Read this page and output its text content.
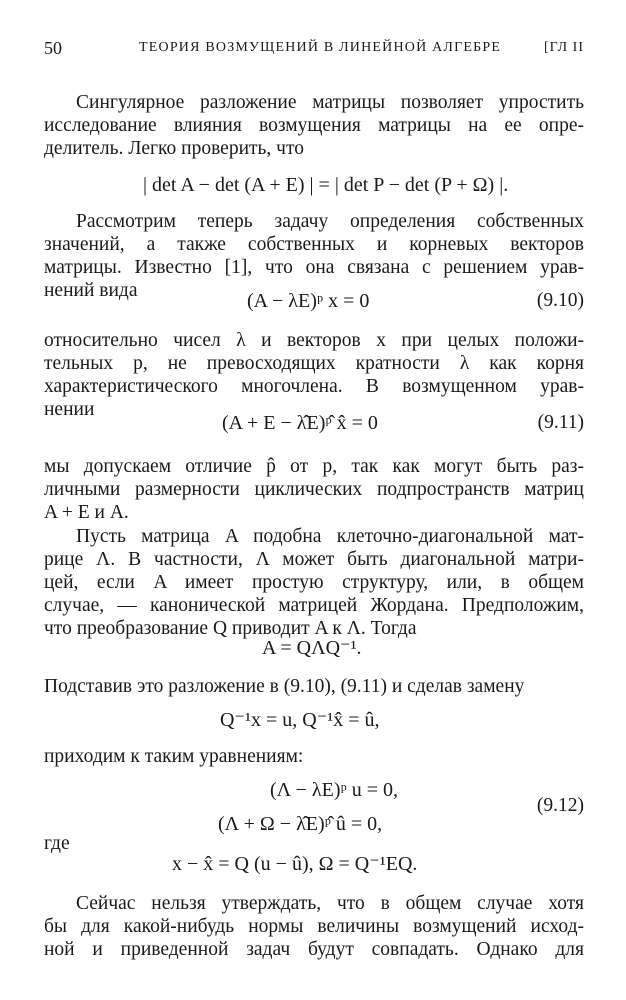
50	ТЕОРИЯ ВОЗМУЩЕНИЙ В ЛИНЕЙНОЙ АЛГЕБРЕ	[ГЛ II
Сингулярное разложение матрицы позволяет упростить
исследование влияния возмущения матрицы на ее опре-
делитель. Легко проверить, что
| det A − det (A + E) | = | det P − det (P + Ω) |.
Рассмотрим теперь задачу определения собственных
значений, а также собственных и корневых векторов
матрицы. Известно [1], что она связана с решением урав-
нений вида	(A − λE)ᵖ x = 0	(9.10)
относительно чисел λ и векторов x при целых положи-
тельных p, не превосходящих кратности λ как корня
характеристического многочлена. В возмущенном урав-
нении
(A + E − λ̂E)ᵖ̂ x̂ = 0	(9.11)
мы допускаем отличие p̂ от p, так как могут быть раз-
личными размерности циклических подпространств матриц
A + E и A.
Пусть матрица A подобна клеточно-диагональной мат-
рице Λ. В частности, Λ может быть диагональной матри-
цей, если A имеет простую структуру, или, в общем
случае, — канонической матрицей Жордана. Предположим,
что преобразование Q приводит A к Λ. Тогда
A = QΛQ⁻¹.
Подставив это разложение в (9.10), (9.11) и сделав замену
Q⁻¹x = u, Q⁻¹x̂ = û,
приходим к таким уравнениям:
(Λ − λE)ᵖ u = 0,
(Λ + Ω − λ̂E)ᵖ̂ û = 0,
(9.12)
где
x − x̂ = Q (u − û), Ω = Q⁻¹EQ.
Сейчас нельзя утверждать, что в общем случае хотя
бы для какой-нибудь нормы величины возмущений исход-
ной и приведенной задач будут совпадать. Однако для
